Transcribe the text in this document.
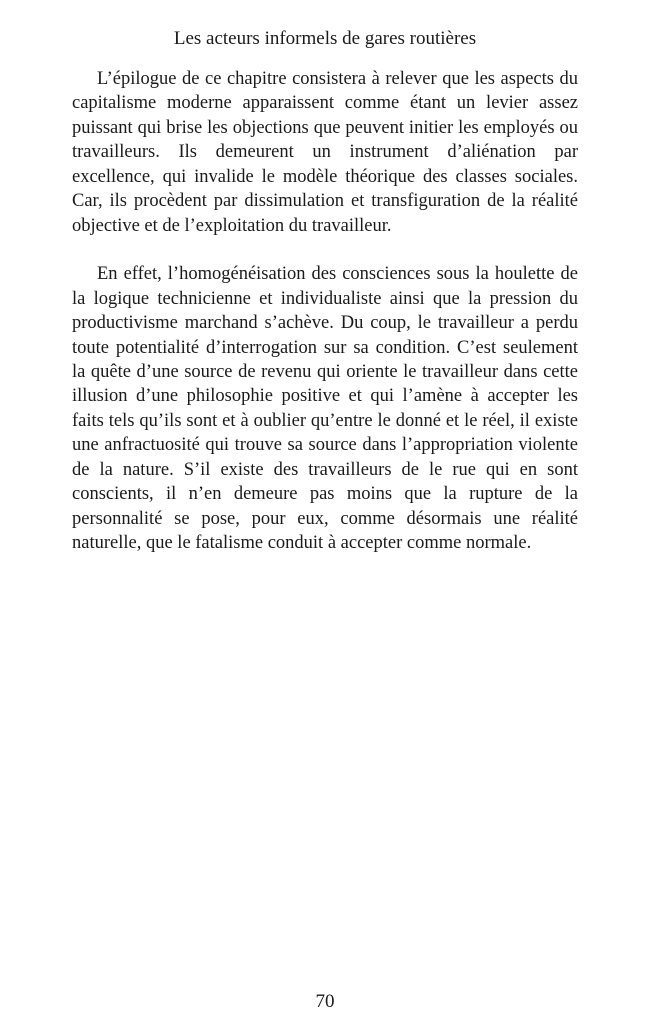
Les acteurs informels de gares routières

L’épilogue de ce chapitre consistera à relever que les aspects du capitalisme moderne apparaissent comme étant un levier assez puissant qui brise les objections que peuvent initier les employés ou travailleurs. Ils demeurent un instrument d’aliénation par excellence, qui invalide le modèle théorique des classes sociales. Car, ils procèdent par dissimulation et transfiguration de la réalité objective et de l’exploitation du travailleur.

En effet, l’homogénéisation des consciences sous la houlette de la logique technicienne et individualiste ainsi que la pression du productivisme marchand s’achève. Du coup, le travailleur a perdu toute potentialité d’interrogation sur sa condition. C’est seulement la quête d’une source de revenu qui oriente le travailleur dans cette illusion d’une philosophie positive et qui l’amène à accepter les faits tels qu’ils sont et à oublier qu’entre le donné et le réel, il existe une anfractuosité qui trouve sa source dans l’appropriation violente de la nature. S’il existe des travailleurs de le rue qui en sont conscients, il n’en demeure pas moins que la rupture de la personnalité se pose, pour eux, comme désormais une réalité naturelle, que le fatalisme conduit à accepter comme normale.

70
